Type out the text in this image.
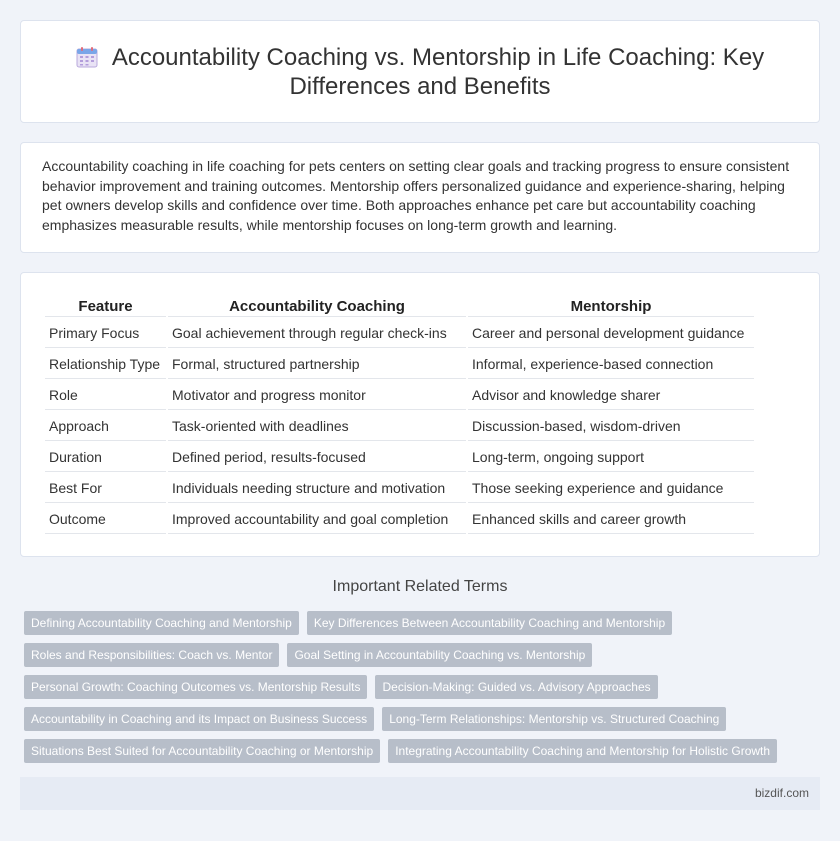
Accountability Coaching vs. Mentorship in Life Coaching: Key Differences and Benefits

Accountability coaching in life coaching for pets centers on setting clear goals and tracking progress to ensure consistent behavior improvement and training outcomes. Mentorship offers personalized guidance and experience-sharing, helping pet owners develop skills and confidence over time. Both approaches enhance pet care but accountability coaching emphasizes measurable results, while mentorship focuses on long-term growth and learning.

Feature	Accountability Coaching	Mentorship
Primary Focus	Goal achievement through regular check-ins	Career and personal development guidance
Relationship Type	Formal, structured partnership	Informal, experience-based connection
Role	Motivator and progress monitor	Advisor and knowledge sharer
Approach	Task-oriented with deadlines	Discussion-based, wisdom-driven
Duration	Defined period, results-focused	Long-term, ongoing support
Best For	Individuals needing structure and motivation	Those seeking experience and guidance
Outcome	Improved accountability and goal completion	Enhanced skills and career growth
Important Related Terms
Defining Accountability Coaching and Mentorship	Key Differences Between Accountability Coaching and Mentorship
Roles and Responsibilities: Coach vs. Mentor	Goal Setting in Accountability Coaching vs. Mentorship
Personal Growth: Coaching Outcomes vs. Mentorship Results	Decision-Making: Guided vs. Advisory Approaches
Accountability in Coaching and its Impact on Business Success	Long-Term Relationships: Mentorship vs. Structured Coaching
Situations Best Suited for Accountability Coaching or Mentorship	Integrating Accountability Coaching and Mentorship for Holistic Growth
bizdif.com
